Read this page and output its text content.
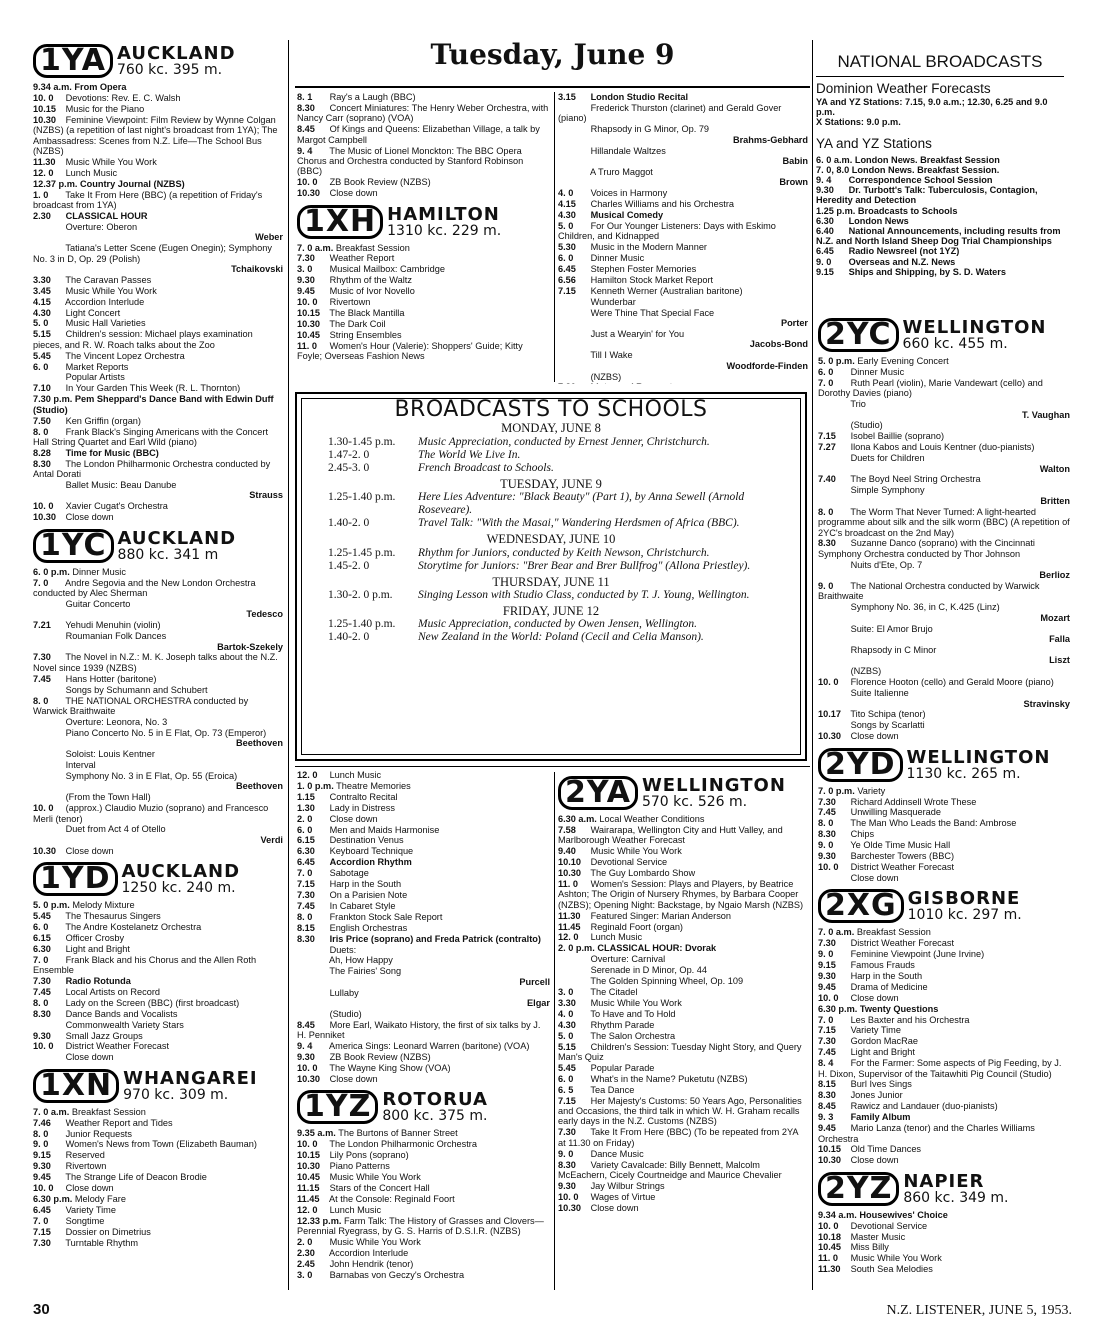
Tuesday, June 9
1YA AUCKLAND
760 kc. 395 m.
9.34 a.m. From Opera
10. 0 Devotions: Rev. E. C. Walsh
10.15 Music for the Piano
10.30 Feminine Viewpoint: Film Review by Wynne Colgan (NZBS) (a repetition of last night's broadcast from 1YA); The Ambassadress: Scenes from N.Z. Life—The School Bus (NZBS)
11.30 Music While You Work
12. 0 Lunch Music
12.37 p.m. Country Journal (NZBS)
1. 0 Take It From Here (BBC) (a repetition of Friday's broadcast from 1YA)
2.30 CLASSICAL HOUR
Overture: Oberon
Weber
Tatiana's Letter Scene (Eugen Onegin); Symphony No. 3 in D, Op. 29 (Polish)
Tchaikovski
3.30 The Caravan Passes
3.45 Music While You Work
4.15 Accordion Interlude
4.30 Light Concert
5. 0 Music Hall Varieties
5.15 Children's session: Michael plays examination pieces, and R. W. Roach talks about the Zoo
5.45 The Vincent Lopez Orchestra
6. 0 Market Reports
Popular Artists
7.10 In Your Garden This Week (R. L. Thornton)
7.30 p.m. Pem Sheppard's Dance Band with Edwin Duff (Studio)
7.50 Ken Griffin (organ)
8. 0 Frank Black's Singing Americans with the Concert Hall String Quartet and Earl Wild (piano)
8.28 Time for Music (BBC)
8.30 The London Philharmonic Orchestra conducted by Antal Dorati
Ballet Music: Beau Danube
Strauss
10. 0 Xavier Cugat's Orchestra
10.30 Close down
1YC AUCKLAND
880 kc. 341 m
6. 0 p.m. Dinner Music
7. 0 Andre Segovia and the New London Orchestra conducted by Alec Sherman
Guitar Concerto
Tedesco
7.21 Yehudi Menuhin (violin)
Roumanian Folk Dances
Bartok-Szekely
7.30 The Novel in N.Z.: M. K. Joseph talks about the N.Z. Novel since 1939 (NZBS)
7.45 Hans Hotter (baritone)
Songs by Schumann and Schubert
8. 0 THE NATIONAL ORCHESTRA conducted by Warwick Braithwaite
Overture: Leonora, No. 3
Piano Concerto No. 5 in E Flat, Op. 73 (Emperor)
Beethoven
Soloist: Louis Kentner
Interval
Symphony No. 3 in E Flat, Op. 55 (Eroica)
Beethoven
(From the Town Hall)
10. 0 (approx.) Claudio Muzio (soprano) and Francesco Merli (tenor)
Duet from Act 4 of Otello
Verdi
10.30 Close down
1YD AUCKLAND
1250 kc. 240 m.
5. 0 p.m. Melody Mixture
5.45 The Thesaurus Singers
6. 0 The Andre Kostelanetz Orchestra
6.15 Officer Crosby
6.30 Light and Bright
7. 0 Frank Black and his Chorus and the Allen Roth Ensemble
7.30 Radio Rotunda
7.45 Local Artists on Record
8. 0 Lady on the Screen (BBC) (first broadcast)
8.30 Dance Bands and Vocalists
Commonwealth Variety Stars
9.30 Small Jazz Groups
10. 0 District Weather Forecast
Close down
1XN WHANGAREI
970 kc. 309 m.
7. 0 a.m. Breakfast Session
7.46 Weather Report and Tides
8. 0 Junior Requests
9. 0 Women's News from Town (Elizabeth Bauman)
9.15 Reserved
9.30 Rivertown
9.45 The Strange Life of Deacon Brodie
10. 0 Close down
6.30 p.m. Melody Fare
6.45 Variety Time
7. 0 Songtime
7.15 Dossier on Dimetrius
7.30 Turntable Rhythm
8. 1 Ray's a Laugh (BBC)
8.30 Concert Miniatures: The Henry Weber Orchestra, with Nancy Carr (soprano) (VOA)
8.45 Of Kings and Queens: Elizabethan Village, a talk by Margot Campbell
9. 4 The Music of Lionel Monckton: The BBC Opera Chorus and Orchestra conducted by Stanford Robinson (BBC)
10. 0 ZB Book Review (NZBS)
10.30 Close down
1XH HAMILTON
1310 kc. 229 m.
7. 0 a.m. Breakfast Session
7.30 Weather Report
3. 0 Musical Mailbox: Cambridge
9.30 Rhythm of the Waltz
9.45 Music of Ivor Novello
10. 0 Rivertown
10.15 The Black Mantilla
10.30 The Dark Coil
10.45 String Ensembles
11. 0 Women's Hour (Valerie): Shoppers' Guide; Kitty Foyle; Overseas Fashion News
3.15 London Studio Recital
Frederick Thurston (clarinet) and Gerald Gover (piano)
Rhapsody in G Minor, Op. 79
Brahms-Gebhard
Hillandale Waltzes
Babin
A Truro Maggot
Brown
4. 0 Voices in Harmony
4.15 Charles Williams and his Orchestra
4.30 Musical Comedy
5. 0 For Our Younger Listeners: Days with Eskimo Children, and Kidnapped
5.30 Music in the Modern Manner
6. 0 Dinner Music
6.45 Stephen Foster Memories
6.56 Hamilton Stock Market Report
7.15 Kenneth Werner (Australian baritone)
Wunderbar
Were Thine That Special Face
Porter
Just a Wearyin' for You
Jacobs-Bond
Till I Wake
Woodforde-Finden
(NZBS)
BROADCASTS TO SCHOOLS
MONDAY, JUNE 8
1.30-1.45 p.m.	Music Appreciation, conducted by Ernest Jenner, Christchurch.
1.47-2. 0	The World We Live In.
2.45-3. 0	French Broadcast to Schools.
TUESDAY, JUNE 9
1.25-1.40 p.m.	Here Lies Adventure: "Black Beauty" (Part 1), by Anna Sewell (Arnold Roseveare).
1.40-2. 0	Travel Talk: "With the Masai," Wandering Herdsmen of Africa (BBC).
WEDNESDAY, JUNE 10
1.25-1.45 p.m.	Rhythm for Juniors, conducted by Keith Newson, Christchurch.
1.45-2. 0	Storytime for Juniors: "Brer Bear and Brer Bullfrog" (Allona Priestley).
THURSDAY, JUNE 11
1.30-2. 0 p.m.	Singing Lesson with Studio Class, conducted by T. J. Young, Wellington.
FRIDAY, JUNE 12
1.25-1.40 p.m.	Music Appreciation, conducted by Owen Jensen, Wellington.
1.40-2. 0	New Zealand in the World: Poland (Cecil and Celia Manson).
12. 0 Lunch Music
1. 0 p.m. Theatre Memories
1.15 Contralto Recital
1.30 Lady in Distress
2. 0 Close down
6. 0 Men and Maids Harmonise
6.15 Destination Venus
6.30 Keyboard Technique
6.45 Accordion Rhythm
7. 0 Sabotage
7.15 Harp in the South
7.30 On a Parisien Note
7.45 In Cabaret Style
8. 0 Frankton Stock Sale Report
8.15 English Orchestras
8.30 Iris Price (soprano) and Freda Patrick (contralto)
Duets:
Ah, How Happy
The Fairies' Song
Purcell
Lullaby
Elgar
(Studio)
8.45 More Earl, Waikato History, the first of six talks by J. H. Penniket
9. 4 America Sings: Leonard Warren (baritone) (VOA)
9.30 ZB Book Review (NZBS)
10. 0 The Wayne King Show (VOA)
10.30 Close down
1YZ ROTORUA
800 kc. 375 m.
9.35 a.m. The Burtons of Banner Street
10. 0 The London Philharmonic Orchestra
10.15 Lily Pons (soprano)
10.30 Piano Patterns
10.45 Music While You Work
11.15 Stars of the Concert Hall
11.45 At the Console: Reginald Foort
12. 0 Lunch Music
12.33 p.m. Farm Talk: The History of Grasses and Clovers—Perennial Ryegrass, by G. S. Harris of D.S.I.R. (NZBS)
2. 0 Music While You Work
2.30 Accordion Interlude
2.45 John Hendrik (tenor)
3. 0 Barnabas von Geczy's Orchestra
2YA WELLINGTON
570 kc. 526 m.
6.30 a.m. Local Weather Conditions
7.58 Wairarapa, Wellington City and Hutt Valley, and Marlborough Weather Forecast
9.40 Music While You Work
10.10 Devotional Service
10.30 The Guy Lombardo Show
11. 0 Women's Session: Plays and Players, by Beatrice Ashton; The Origin of Nursery Rhymes, by Barbara Cooper (NZBS); Opening Night: Backstage, by Ngaio Marsh (NZBS)
11.30 Featured Singer: Marian Anderson
11.45 Reginald Foort (organ)
12. 0 Lunch Music
2. 0 p.m. CLASSICAL HOUR: Dvorak
Overture: Carnival
Serenade in D Minor, Op. 44
The Golden Spinning Wheel, Op. 109
3. 0 The Citadel
3.30 Music While You Work
4. 0 To Have and To Hold
4.30 Rhythm Parade
5. 0 The Salon Orchestra
5.15 Children's Session: Tuesday Night Story, and Query Man's Quiz
5.45 Popular Parade
6. 0 What's in the Name? Puketutu (NZBS)
6. 5 Tea Dance
7.15 Her Majesty's Customs: 50 Years Ago, Personalities and Occasions, the third talk in which W. H. Graham recalls early days in the N.Z. Customs (NZBS)
7.30 Take It From Here (BBC) (To be repeated from 2YA at 11.30 on Friday)
9. 0 Dance Music
8.30 Variety Cavalcade: Billy Bennett, Malcolm McEachern, Cicely Courtneidge and Maurice Chevalier
9.30 Jay Wilbur Strings
10. 0 Wages of Virtue
10.30 Close down
NATIONAL BROADCASTS
Dominion Weather Forecasts
YA and YZ Stations: 7.15, 9.0 a.m.; 12.30, 6.25 and 9.0 p.m.
X Stations: 9.0 p.m.
YA and YZ Stations
6. 0 a.m. London News. Breakfast Session
7. 0, 8.0 London News. Breakfast Session.
9. 4 Correspondence School Session
9.30 Dr. Turbott's Talk: Tuberculosis, Contagion, Heredity and Detection
1.25 p.m. Broadcasts to Schools
6.30 London News
6.40 National Announcements, including results from N.Z. and North Island Sheep Dog Trial Championships
6.45 Radio Newsreel (not 1YZ)
9. 0 Overseas and N.Z. News
9.15 Ships and Shipping, by S. D. Waters
2YC WELLINGTON
660 kc. 455 m.
5. 0 p.m. Early Evening Concert
6. 0 Dinner Music
7. 0 Ruth Pearl (violin), Marie Vandewart (cello) and Dorothy Davies (piano)
Trio
T. Vaughan
(Studio)
7.15 Isobel Baillie (soprano)
7.27 Ilona Kabos and Louis Kentner (duo-pianists)
Duets for Children
Walton
7.40 The Boyd Neel String Orchestra
Simple Symphony
Britten
8. 0 The Worm That Never Turned: A light-hearted programme about silk and the silk worm (BBC) (A repetition of 2YC's broadcast on the 2nd May)
8.30 Suzanne Danco (soprano) with the Cincinnati Symphony Orchestra conducted by Thor Johnson
Nuits d'Ete, Op. 7
Berlioz
9. 0 The National Orchestra conducted by Warwick Braithwaite
Symphony No. 36, in C, K.425 (Linz)
Mozart
Suite: El Amor Brujo
Falla
Rhapsody in C Minor
Liszt
(NZBS)
10. 0 Florence Hooton (cello) and Gerald Moore (piano)
Suite Italienne
Stravinsky
10.17 Tito Schipa (tenor)
Songs by Scarlatti
10.30 Close down
2YD WELLINGTON
1130 kc. 265 m.
7. 0 p.m. Variety
7.30 Richard Addinsell Wrote These
7.45 Unwilling Masquerade
8. 0 The Man Who Leads the Band: Ambrose
8.30 Chips
9. 0 Ye Olde Time Music Hall
9.30 Barchester Towers (BBC)
10. 0 District Weather Forecast
Close down
2XG GISBORNE
1010 kc. 297 m.
7. 0 a.m. Breakfast Session
7.30 District Weather Forecast
9. 0 Feminine Viewpoint (June Irvine)
9.15 Famous Frauds
9.30 Harp in the South
9.45 Drama of Medicine
10. 0 Close down
6.30 p.m. Twenty Questions
7. 0 Les Baxter and his Orchestra
7.15 Variety Time
7.30 Gordon MacRae
7.45 Light and Bright
8. 4 For the Farmer: Some aspects of Pig Feeding, by J. H. Dixon, Supervisor of the Taitawhiti Pig Council (Studio)
8.15 Burl Ives Sings
8.30 Jones Junior
8.45 Rawicz and Landauer (duo-pianists)
9. 3 Family Album
9.45 Mario Lanza (tenor) and the Charles Williams Orchestra
10.15 Old Time Dances
10.30 Close down
2YZ NAPIER
860 kc. 349 m.
9.34 a.m. Housewives' Choice
10. 0 Devotional Service
10.18 Master Music
10.45 Miss Billy
11. 0 Music While You Work
11.30 South Sea Melodies
30	N.Z. LISTENER, JUNE 5, 1953.
